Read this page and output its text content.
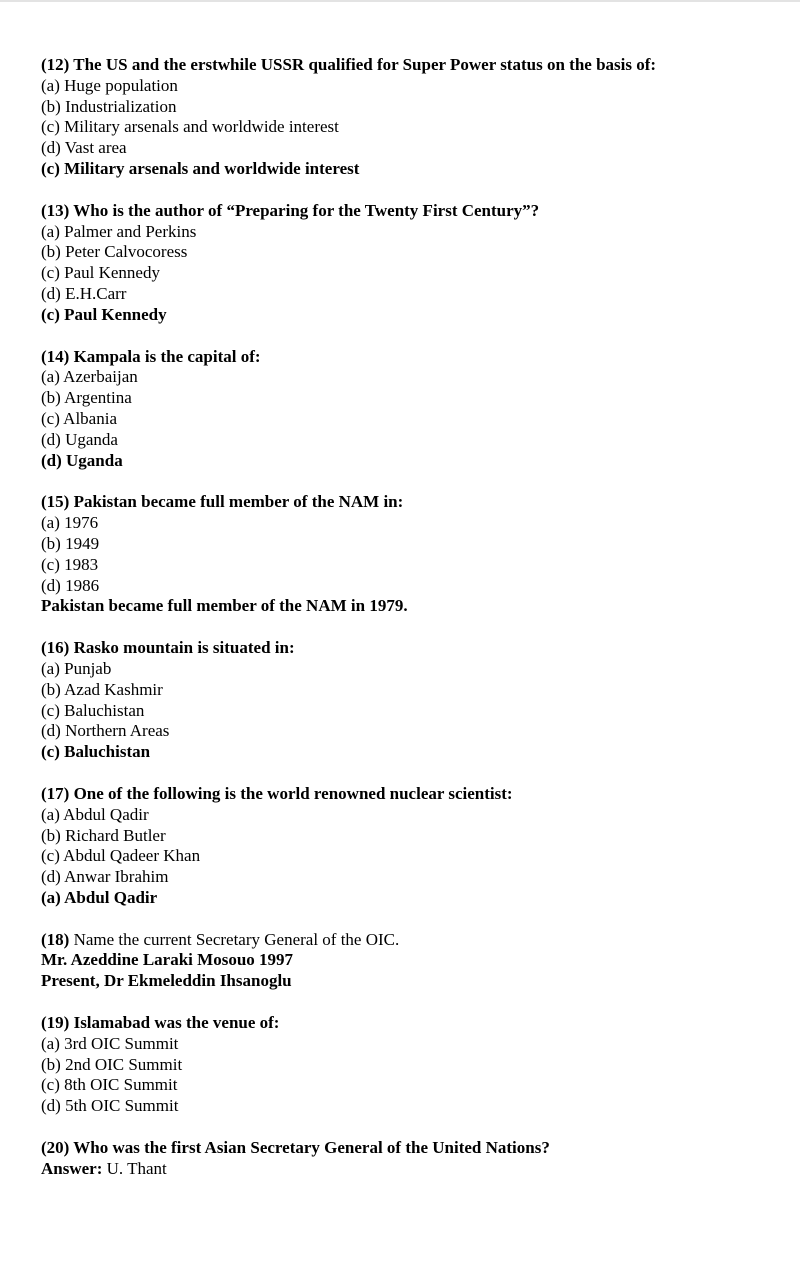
(12) The US and the erstwhile USSR qualified for Super Power status on the basis of:
(a) Huge population
(b) Industrialization
(c) Military arsenals and worldwide interest
(d) Vast area
(c) Military arsenals and worldwide interest
(13) Who is the author of “Preparing for the Twenty First Century”?
(a) Palmer and Perkins
(b) Peter Calvocoress
(c) Paul Kennedy
(d) E.H.Carr
(c) Paul Kennedy
(14) Kampala is the capital of:
(a) Azerbaijan
(b) Argentina
(c) Albania
(d) Uganda
(d) Uganda
(15) Pakistan became full member of the NAM in:
(a) 1976
(b) 1949
(c) 1983
(d) 1986
Pakistan became full member of the NAM in 1979.
(16) Rasko mountain is situated in:
(a) Punjab
(b) Azad Kashmir
(c) Baluchistan
(d) Northern Areas
(c) Baluchistan
(17) One of the following is the world renowned nuclear scientist:
(a) Abdul Qadir
(b) Richard Butler
(c) Abdul Qadeer Khan
(d) Anwar Ibrahim
(a) Abdul Qadir
(18) Name the current Secretary General of the OIC.
Mr. Azeddine Laraki Mosouo 1997
Present, Dr Ekmeleddin Ihsanoglu
(19) Islamabad was the venue of:
(a) 3rd OIC Summit
(b) 2nd OIC Summit
(c) 8th OIC Summit
(d) 5th OIC Summit
(20) Who was the first Asian Secretary General of the United Nations?
Answer: U. Thant
